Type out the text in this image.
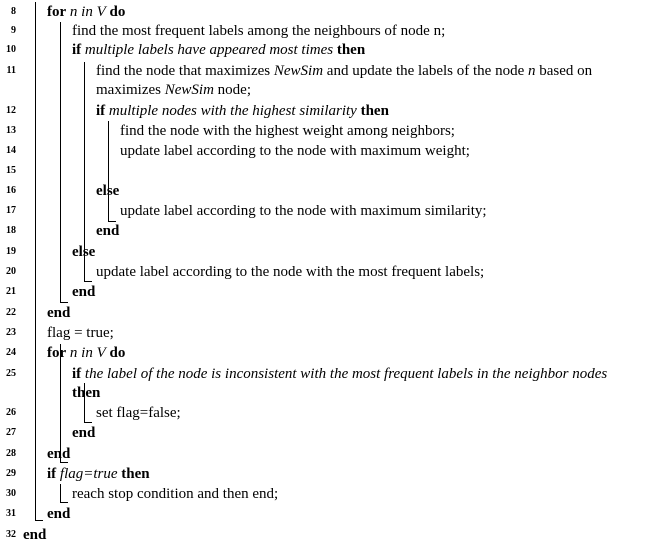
8 for n in V do
9	find the most frequent labels among the neighbours of node n;
10	if multiple labels have appeared most times then
11	find the node that maximizes NewSim and update the labels of the node n based on
maximizes NewSim node;
12	if multiple nodes with the highest similarity then
13	find the node with the highest weight among neighbors;
14	update label according to the node with maximum weight;
15
16	else
17	update label according to the node with maximum similarity;
18	end
19	else
20	update label according to the node with the most frequent labels;
21	end
22 end
23 flag = true;
24 for n in V do
25	if the label of the node is inconsistent with the most frequent labels in the neighbor nodes
then
26	set flag=false;
27	end
28 end
29 if flag=true then
30	reach stop condition and then end;
31 end
32 end
